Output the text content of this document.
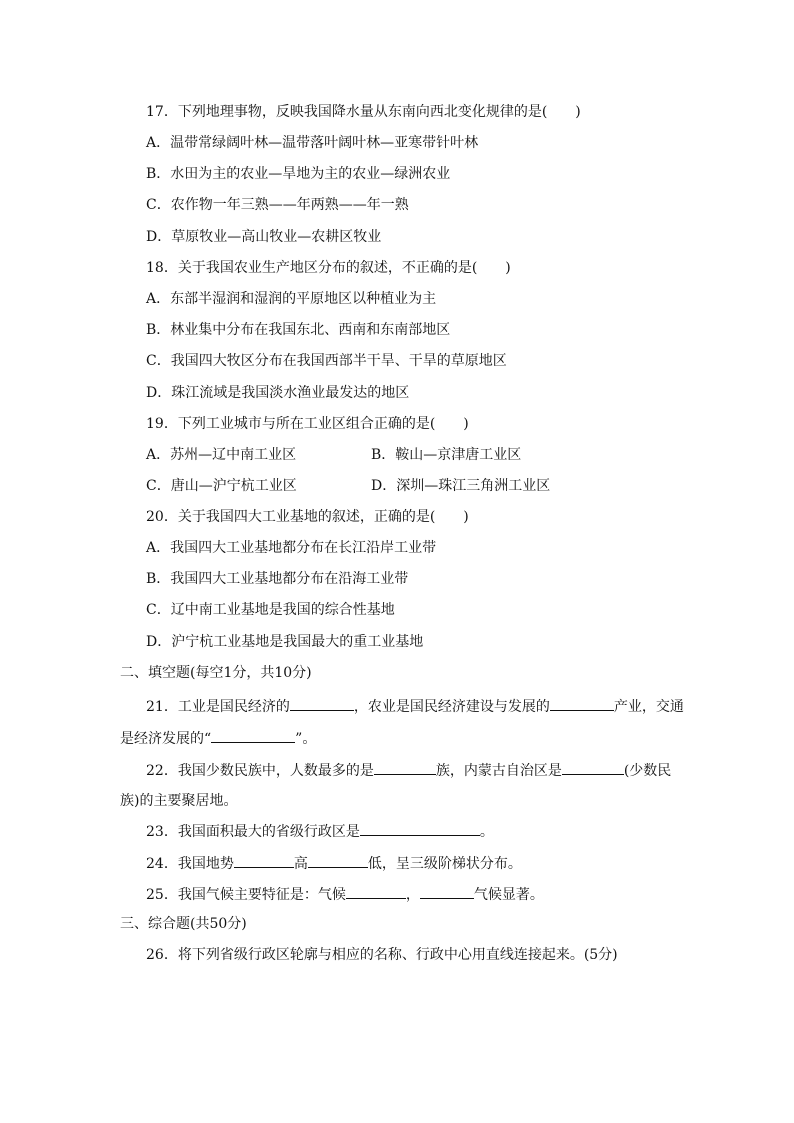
17．下列地理事物，反映我国降水量从东南向西北变化规律的是(　　)
A．温带常绿阔叶林—温带落叶阔叶林—亚寒带针叶林
B．水田为主的农业—旱地为主的农业—绿洲农业
C．农作物一年三熟——年两熟——年一熟
D．草原牧业—高山牧业—农耕区牧业
18．关于我国农业生产地区分布的叙述，不正确的是(　　)
A．东部半湿润和湿润的平原地区以种植业为主
B．林业集中分布在我国东北、西南和东南部地区
C．我国四大牧区分布在我国西部半干旱、干旱的草原地区
D．珠江流域是我国淡水渔业最发达的地区
19．下列工业城市与所在工业区组合正确的是(　　)
A．苏州—辽中南工业区	B．鞍山—京津唐工业区
C．唐山—沪宁杭工业区	D．深圳—珠江三角洲工业区
20．关于我国四大工业基地的叙述，正确的是(　　)
A．我国四大工业基地都分布在长江沿岸工业带
B．我国四大工业基地都分布在沿海工业带
C．辽中南工业基地是我国的综合性基地
D．沪宁杭工业基地是我国最大的重工业基地
二、填空题(每空1分，共10分)
21．工业是国民经济的	，农业是国民经济建设与发展的	产业，交通
是经济发展的“	”。
22．我国少数民族中，人数最多的是	族，内蒙古自治区是	(少数民
族)的主要聚居地。
23．我国面积最大的省级行政区是	。
24．我国地势	高	低，呈三级阶梯状分布。
25．我国气候主要特征是：气候	，	气候显著。
三、综合题(共50分)
26．将下列省级行政区轮廓与相应的名称、行政中心用直线连接起来。(5分)
